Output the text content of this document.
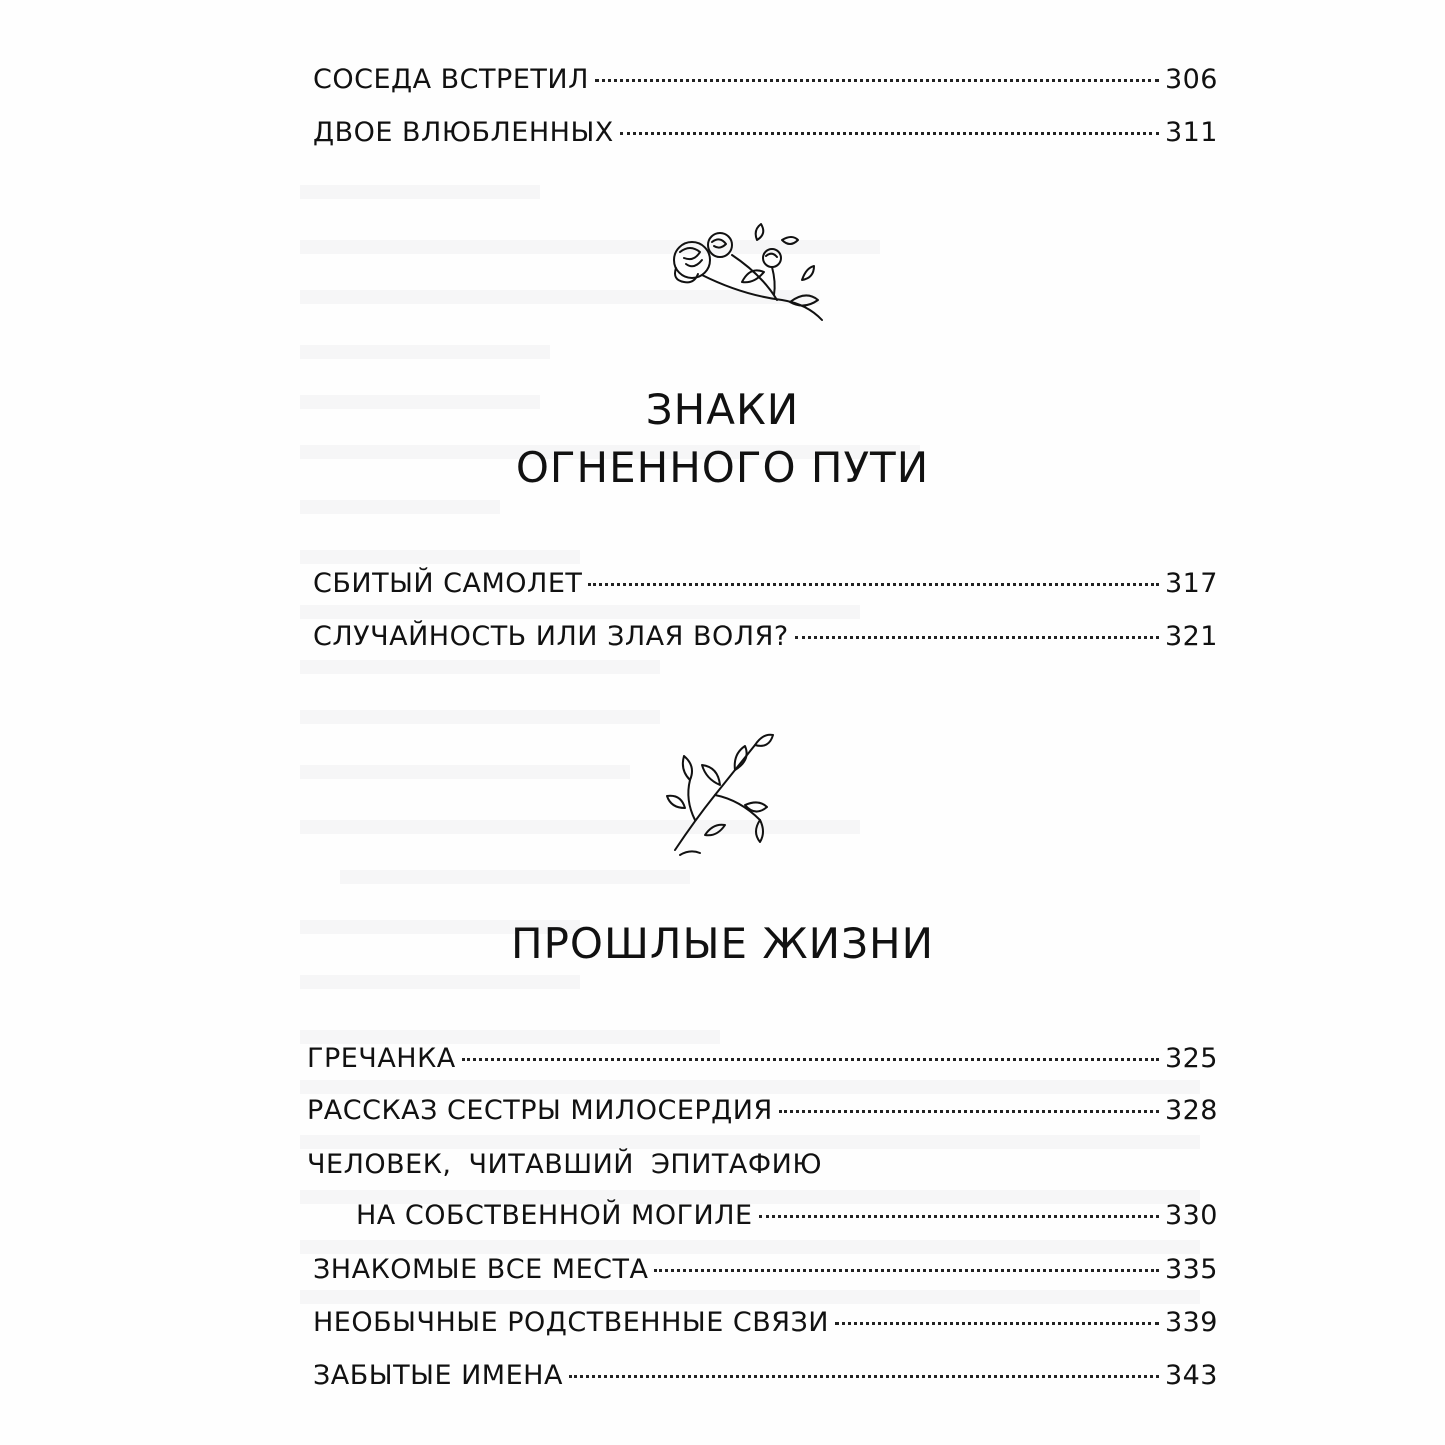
СОСЕДА ВСТРЕТИЛ	306
ДВОЕ ВЛЮБЛЕННЫХ	311
ЗНАКИ
ОГНЕННОГО ПУТИ
СБИТЫЙ САМОЛЕТ	317
СЛУЧАЙНОСТЬ ИЛИ ЗЛАЯ ВОЛЯ?	321
ПРОШЛЫЕ ЖИЗНИ
ГРЕЧАНКА	325
РАССКАЗ СЕСТРЫ МИЛОСЕРДИЯ	328
ЧЕЛОВЕК, ЧИТАВШИЙ ЭПИТАФИЮ
НА СОБСТВЕННОЙ МОГИЛЕ	330
ЗНАКОМЫЕ ВСЕ МЕСТА	335
НЕОБЫЧНЫЕ РОДСТВЕННЫЕ СВЯЗИ	339
ЗАБЫТЫЕ ИМЕНА	343
